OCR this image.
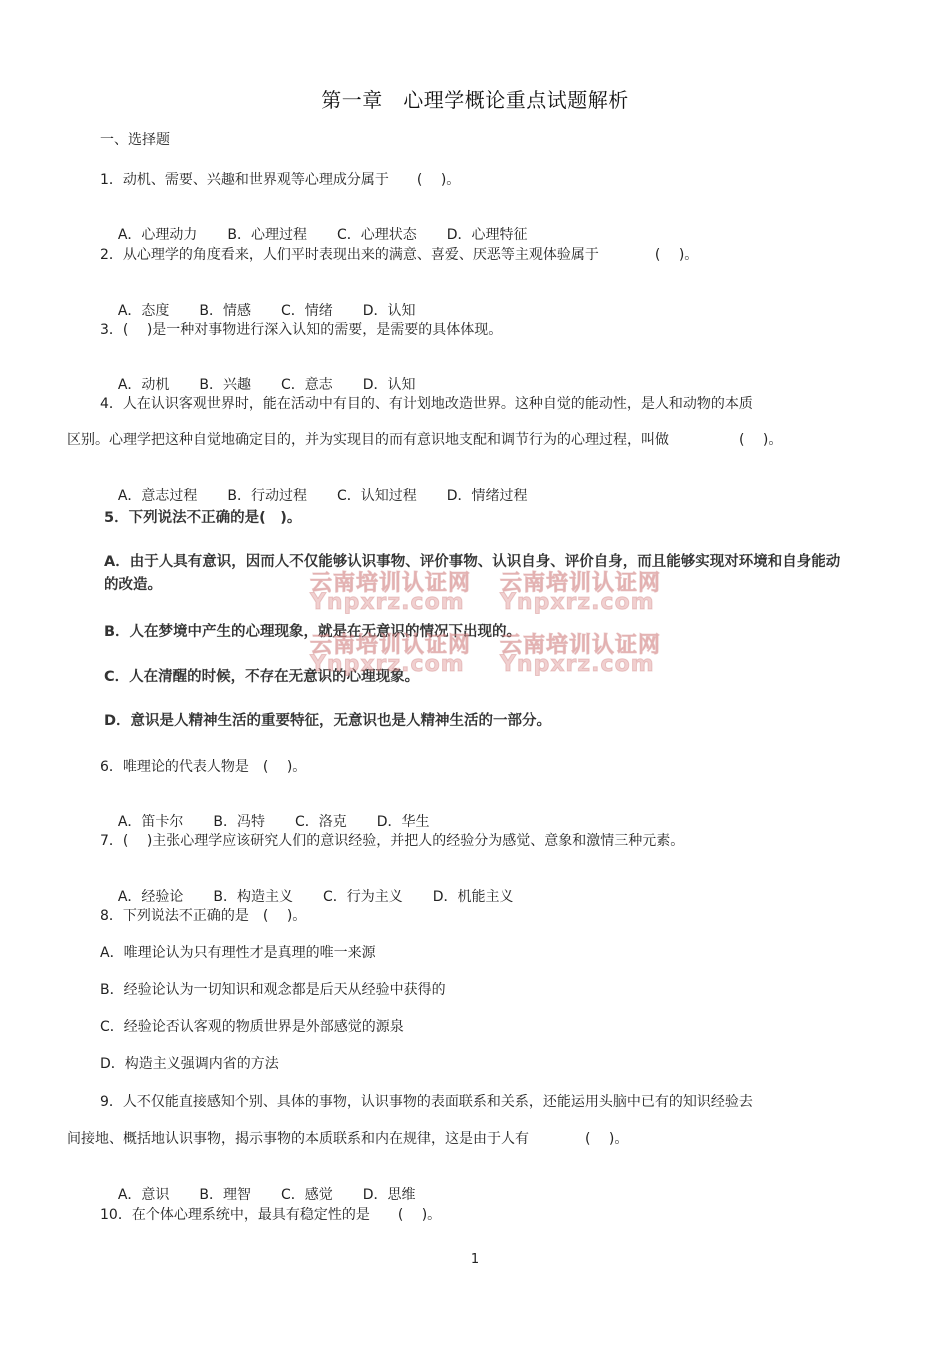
第一章　心理学概论重点试题解析
一、选择题
1．动机、需要、兴趣和世界观等心理成分属于　　(　 )。

A．心理动力 B．心理过程 C．心理状态 D．心理特征

2．从心理学的角度看来，人们平时表现出来的满意、喜爱、厌恶等主观体验属于　　　　(　 )。

A．态度 B．情感 C．情绪 D．认知

3．(　 )是一种对事物进行深入认知的需要，是需要的具体体现。

A．动机 B．兴趣 C．意志 D．认知

4．人在认识客观世界时，能在活动中有目的、有计划地改造世界。这种自觉的能动性，是人和动物的本质
区别。心理学把这种自觉地确定目的，并为实现目的而有意识地支配和调节行为的心理过程，叫做　　　　　(　 )。

A．意志过程 B．行动过程 C．认知过程 D．情绪过程

5．下列说法不正确的是(　)。
A．由于人具有意识，因而人不仅能够认识事物、评价事物、认识自身、评价自身，而且能够实现对环境和自身能动
的改造。
B．人在梦境中产生的心理现象，就是在无意识的情况下出现的。
C．人在清醒的时候，不存在无意识的心理现象。
D．意识是人精神生活的重要特征，无意识也是人精神生活的一部分。
云南培训认证网 云南培训认证网
Ynpxrz.com Ynpxrz.com
云南培训认证网 云南培训认证网
Ynpxrz.com Ynpxrz.com
6．唯理论的代表人物是　(　 )。

A．笛卡尔 B．冯特 C．洛克 D．华生

7．(　 )主张心理学应该研究人们的意识经验，并把人的经验分为感觉、意象和激情三种元素。

A．经验论 B．构造主义 C．行为主义 D．机能主义

8．下列说法不正确的是　(　 )。
A．唯理论认为只有理性才是真理的唯一来源
B．经验论认为一切知识和观念都是后天从经验中获得的
C．经验论否认客观的物质世界是外部感觉的源泉
D．构造主义强调内省的方法
9．人不仅能直接感知个别、具体的事物，认识事物的表面联系和关系，还能运用头脑中已有的知识经验去
间接地、概括地认识事物，揭示事物的本质联系和内在规律，这是由于人有　　　　(　 )。

A．意识 B．理智 C．感觉 D．思维

10．在个体心理系统中，最具有稳定性的是　　(　 )。
1
